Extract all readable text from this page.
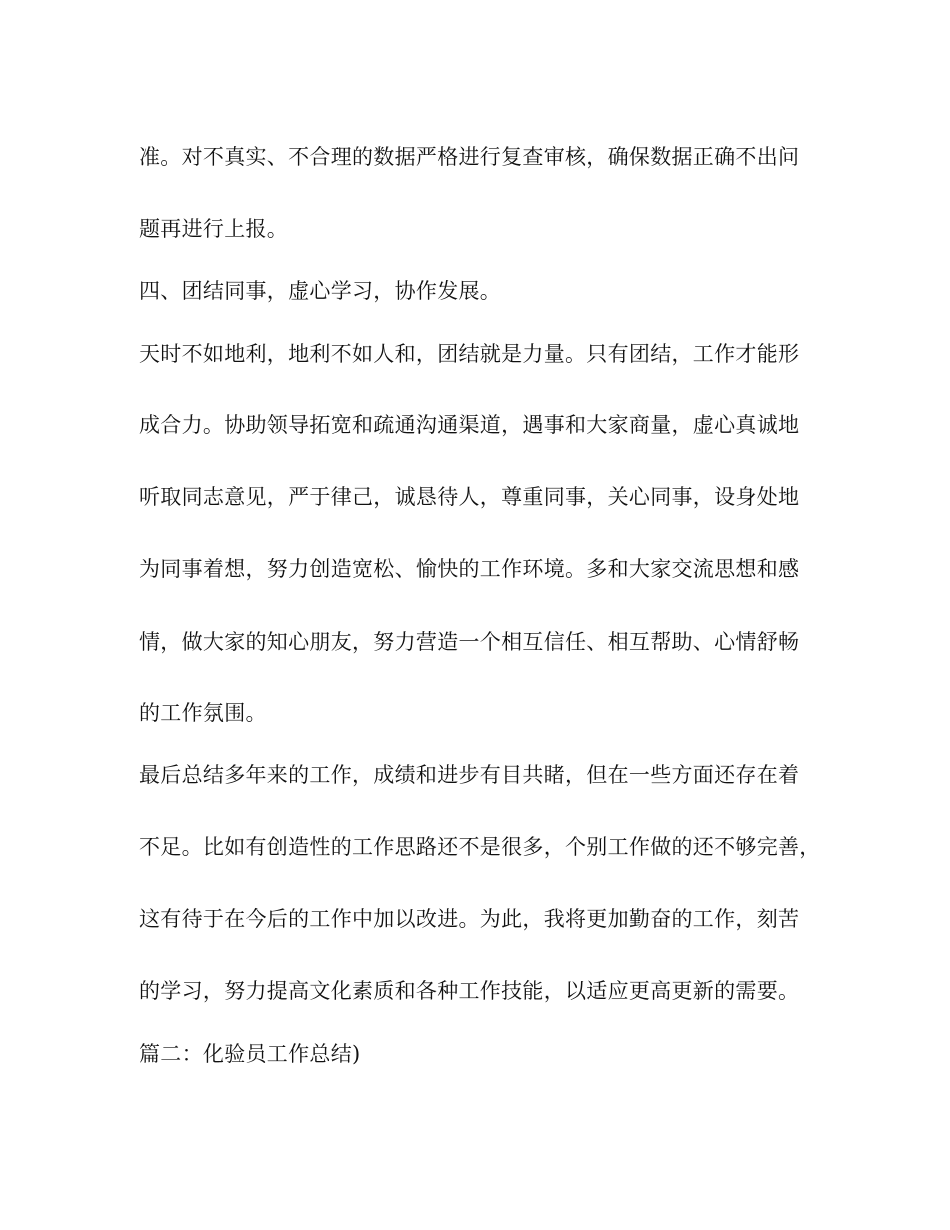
准。对不真实、不合理的数据严格进行复查审核，确保数据正确不出问
题再进行上报。
四、团结同事，虚心学习，协作发展。
天时不如地利，地利不如人和，团结就是力量。只有团结，工作才能形
成合力。协助领导拓宽和疏通沟通渠道，遇事和大家商量，虚心真诚地
听取同志意见，严于律己，诚恳待人，尊重同事，关心同事，设身处地
为同事着想，努力创造宽松、愉快的工作环境。多和大家交流思想和感
情，做大家的知心朋友，努力营造一个相互信任、相互帮助、心情舒畅
的工作氛围。
最后总结多年来的工作，成绩和进步有目共睹，但在一些方面还存在着
不足。比如有创造性的工作思路还不是很多，个别工作做的还不够完善，
这有待于在今后的工作中加以改进。为此，我将更加勤奋的工作，刻苦
的学习，努力提高文化素质和各种工作技能，以适应更高更新的需要。
篇二：化验员工作总结)
